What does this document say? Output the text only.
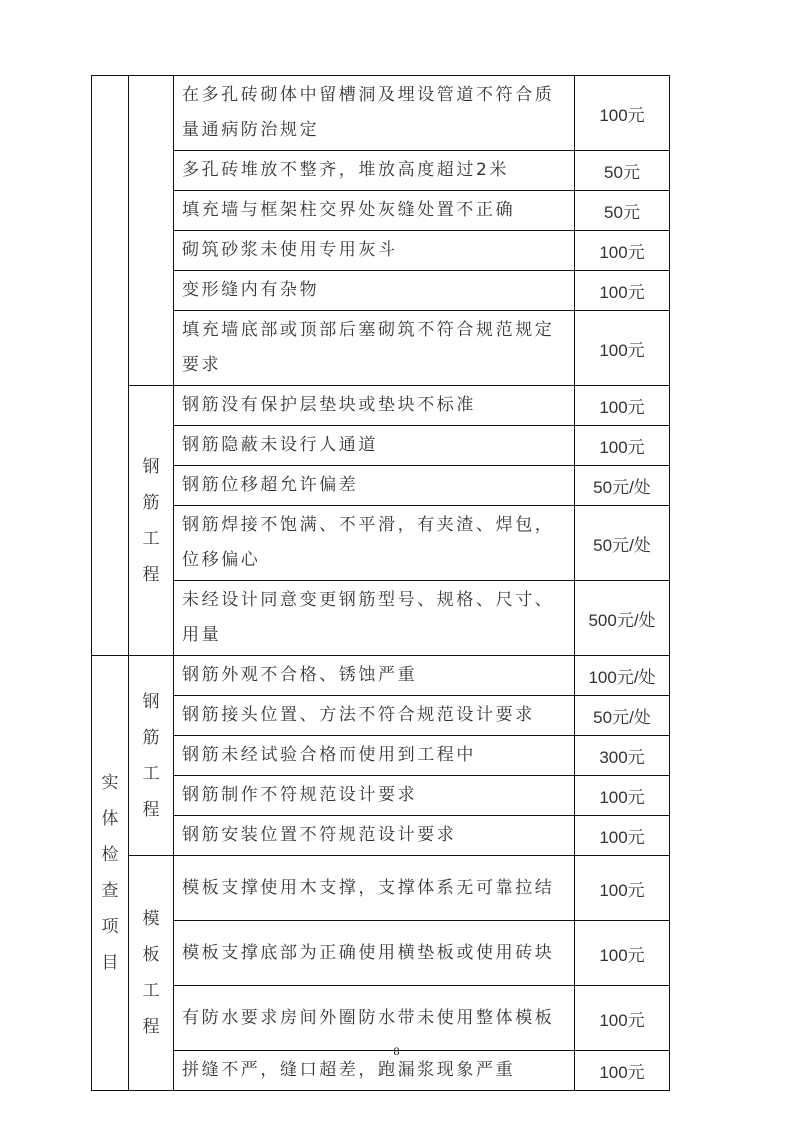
		在多孔砖砌体中留槽洞及埋设管道不符合质量通病防治规定	100元
		多孔砖堆放不整齐，堆放高度超过2米	50元
		填充墙与框架柱交界处灰缝处置不正确	50元
		砌筑砂浆未使用专用灰斗	100元
		变形缝内有杂物	100元
		填充墙底部或顶部后塞砌筑不符合规范规定要求	100元
	钢筋工程	钢筋没有保护层垫块或垫块不标准	100元
		钢筋隐蔽未设行人通道	100元
		钢筋位移超允许偏差	50元/处
		钢筋焊接不饱满、不平滑，有夹渣、焊包，位移偏心	50元/处
		未经设计同意变更钢筋型号、规格、尺寸、用量	500元/处
实体检查项目	钢筋工程	钢筋外观不合格、锈蚀严重	100元/处
		钢筋接头位置、方法不符合规范设计要求	50元/处
		钢筋未经试验合格而使用到工程中	300元
		钢筋制作不符规范设计要求	100元
		钢筋安装位置不符规范设计要求	100元
	模板工程	模板支撑使用木支撑，支撑体系无可靠拉结	100元
		模板支撑底部为正确使用横垫板或使用砖块	100元
		有防水要求房间外圈防水带未使用整体模板	100元
		拼缝不严，缝口超差，跑漏浆现象严重	100元
8
